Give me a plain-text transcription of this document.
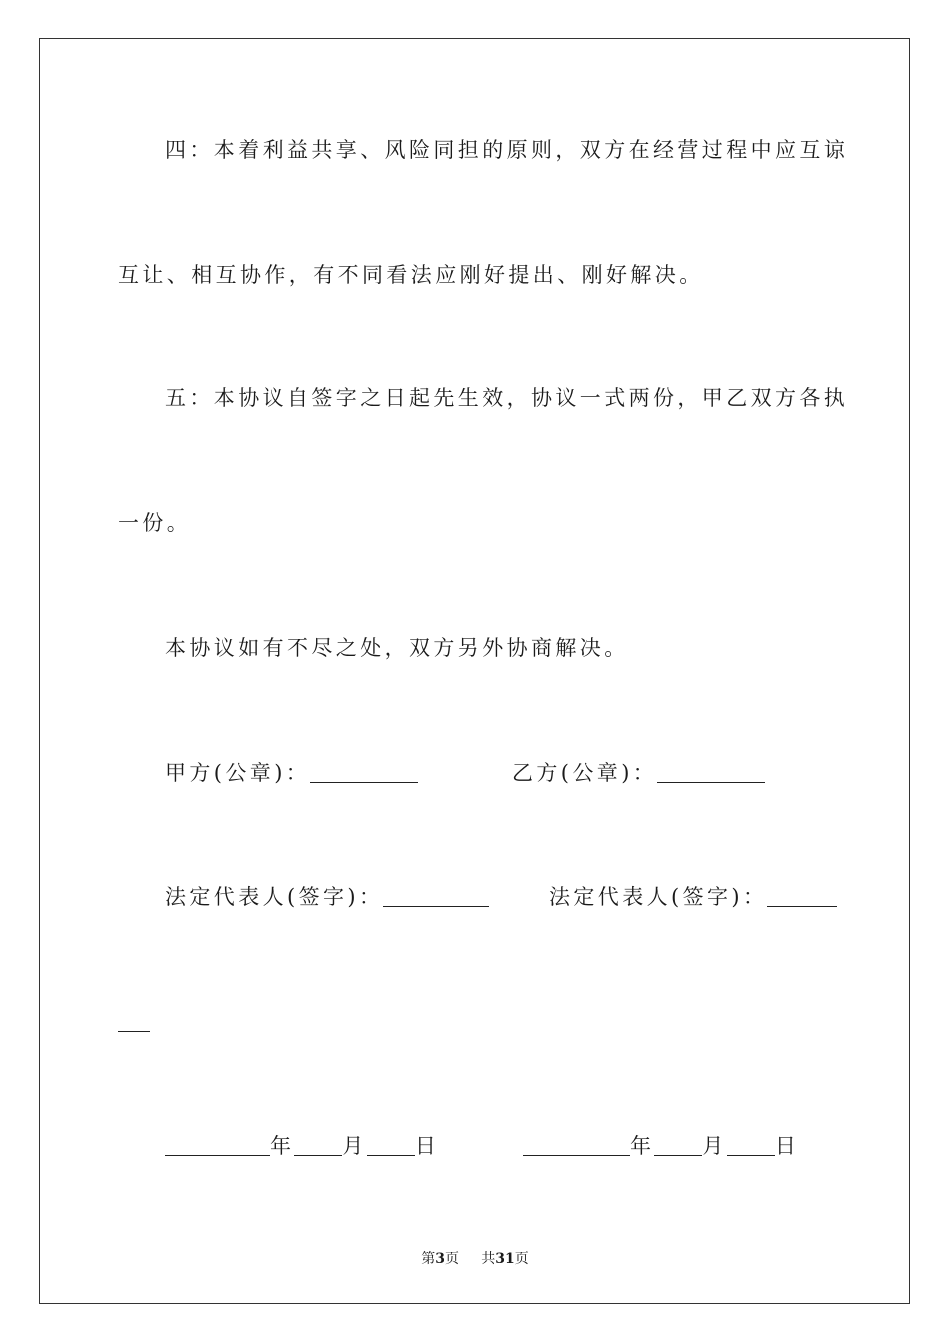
四：本着利益共享、风险同担的原则，双方在经营过程中应互谅
互让、相互协作，有不同看法应刚好提出、刚好解决。
五：本协议自签字之日起先生效，协议一式两份，甲乙双方各执
一份。
本协议如有不尽之处，双方另外协商解决。
甲方(公章)：	乙方(公章)：
法定代表人(签字)：	法定代表人(签字)：
年 月 日	年 月 日
第3页 共31页
